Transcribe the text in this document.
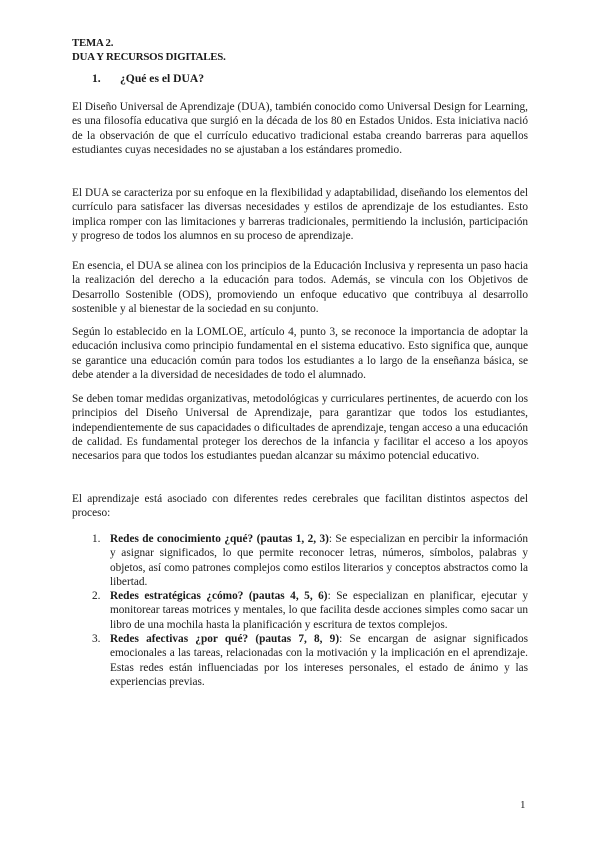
TEMA 2.
DUA Y RECURSOS DIGITALES.
1. ¿Qué es el DUA?

El Diseño Universal de Aprendizaje (DUA), también conocido como Universal Design for Learning, es una filosofía educativa que surgió en la década de los 80 en Estados Unidos. Esta iniciativa nació de la observación de que el currículo educativo tradicional estaba creando barreras para aquellos estudiantes cuyas necesidades no se ajustaban a los estándares promedio.

El DUA se caracteriza por su enfoque en la flexibilidad y adaptabilidad, diseñando los elementos del currículo para satisfacer las diversas necesidades y estilos de aprendizaje de los estudiantes. Esto implica romper con las limitaciones y barreras tradicionales, permitiendo la inclusión, participación y progreso de todos los alumnos en su proceso de aprendizaje.

En esencia, el DUA se alinea con los principios de la Educación Inclusiva y representa un paso hacia la realización del derecho a la educación para todos. Además, se vincula con los Objetivos de Desarrollo Sostenible (ODS), promoviendo un enfoque educativo que contribuya al desarrollo sostenible y al bienestar de la sociedad en su conjunto.

Según lo establecido en la LOMLOE, artículo 4, punto 3, se reconoce la importancia de adoptar la educación inclusiva como principio fundamental en el sistema educativo. Esto significa que, aunque se garantice una educación común para todos los estudiantes a lo largo de la enseñanza básica, se debe atender a la diversidad de necesidades de todo el alumnado.

Se deben tomar medidas organizativas, metodológicas y curriculares pertinentes, de acuerdo con los principios del Diseño Universal de Aprendizaje, para garantizar que todos los estudiantes, independientemente de sus capacidades o dificultades de aprendizaje, tengan acceso a una educación de calidad. Es fundamental proteger los derechos de la infancia y facilitar el acceso a los apoyos necesarios para que todos los estudiantes puedan alcanzar su máximo potencial educativo.

El aprendizaje está asociado con diferentes redes cerebrales que facilitan distintos aspectos del proceso:

1. Redes de conocimiento ¿qué? (pautas 1, 2, 3): Se especializan en percibir la información y asignar significados, lo que permite reconocer letras, números, símbolos, palabras y objetos, así como patrones complejos como estilos literarios y conceptos abstractos como la libertad.
2. Redes estratégicas ¿cómo? (pautas 4, 5, 6): Se especializan en planificar, ejecutar y monitorear tareas motrices y mentales, lo que facilita desde acciones simples como sacar un libro de una mochila hasta la planificación y escritura de textos complejos.
3. Redes afectivas ¿por qué? (pautas 7, 8, 9): Se encargan de asignar significados emocionales a las tareas, relacionadas con la motivación y la implicación en el aprendizaje. Estas redes están influenciadas por los intereses personales, el estado de ánimo y las experiencias previas.
1
